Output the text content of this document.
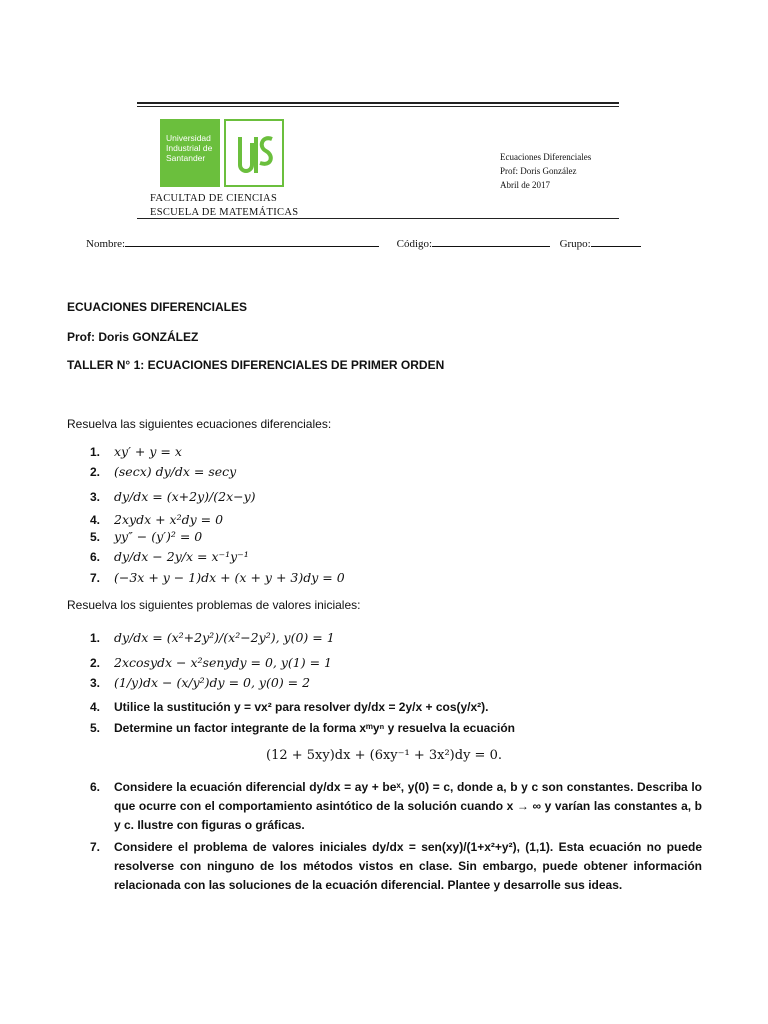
Universidad
Industrial de
Santander
FACULTAD DE CIENCIAS
ESCUELA DE MATEMÁTICAS
Ecuaciones Diferenciales
Prof: Doris González
Abril de 2017
Nombre:	Código:	Grupo:
ECUACIONES DIFERENCIALES
Prof: Doris GONZÁLEZ
TALLER N° 1: ECUACIONES DIFERENCIALES DE PRIMER ORDEN
Resuelva las siguientes ecuaciones diferenciales:
1. xy′ + y = x
2. (secx) dy/dx = secy
3. dy/dx = (x+2y)/(2x−y)
4. 2xydx + x²dy = 0
5. yy″ − (y′)² = 0
6. dy/dx − 2y/x = x⁻¹y⁻¹
7. (−3x + y − 1)dx + (x + y + 3)dy = 0
Resuelva los siguientes problemas de valores iniciales:
1. dy/dx = (x²+2y²)/(x²−2y²), y(0) = 1
2. 2xcosydx − x²senydy = 0, y(1) = 1
3. (1/y)dx − (x/y²)dy = 0, y(0) = 2
4. Utilice la sustitución y = vx² para resolver dy/dx = 2y/x + cos(y/x²).
5. Determine un factor integrante de la forma xᵐyⁿ y resuelva la ecuación
(12 + 5xy)dx + (6xy⁻¹ + 3x²)dy = 0.
6. Considere la ecuación diferencial dy/dx = ay + beˣ, y(0) = c, donde a, b y c son constantes. Describa lo que ocurre con el comportamiento asintótico de la solución cuando x → ∞ y varían las constantes a, b y c. Ilustre con figuras o gráficas.
7. Considere el problema de valores iniciales dy/dx = sen(xy)/(1+x²+y²), (1,1). Esta ecuación no puede resolverse con ninguno de los métodos vistos en clase. Sin embargo, puede obtener información relacionada con las soluciones de la ecuación diferencial. Plantee y desarrolle sus ideas.
